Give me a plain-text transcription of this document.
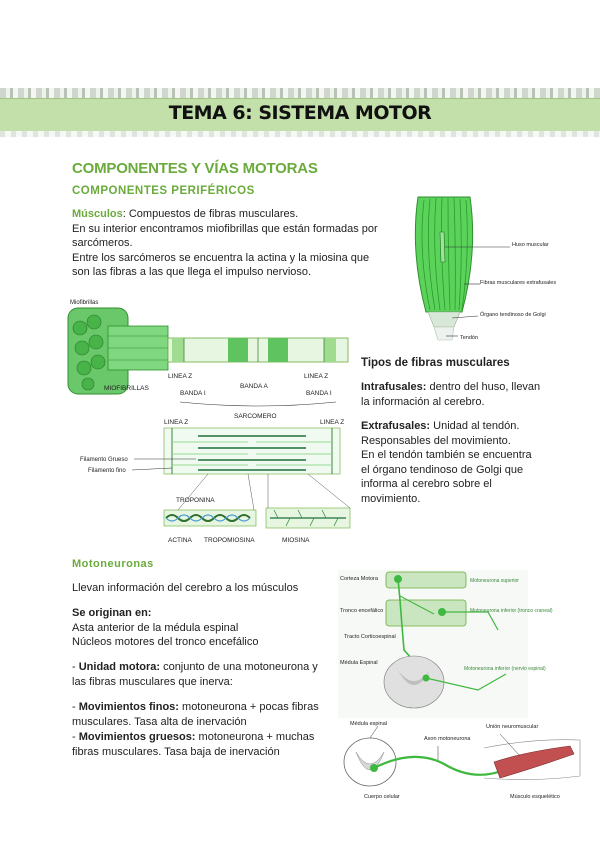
TEMA 6: SISTEMA MOTOR
COMPONENTES Y VÍAS MOTORAS
COMPONENTES PERIFÉRICOS
Músculos: Compuestos de fibras musculares.
En su interior encontramos miofibrillas que están formadas por sarcómeros.
Entre los sarcómeros se encuentra la actina y la miosina que son las fibras a las que llega el impulso nervioso.
Huso muscular
Fibras musculares extrafusales
Órgano tendinoso de Golgi
Tendón
Miofibrillas
MIOFIBRILLAS
LINEA Z
BANDA A
LINEA Z
BANDA I	BANDA I
SARCOMERO
LINEA Z	LINEA Z
Filamento Grueso
Filamento fino
TROPONINA
ACTINA TROPOMIOSINA	MIOSINA
Tipos de fibras musculares
Intrafusales: dentro del huso, llevan la información al cerebro.
Extrafusales: Unidad al tendón. Responsables del movimiento.
En el tendón también se encuentra el órgano tendinoso de Golgi que informa al cerebro sobre el movimiento.
Motoneuronas
Llevan información del cerebro a los músculos
Se originan en:
Asta anterior de la médula espinal
Núcleos motores del tronco encefálico
- Unidad motora: conjunto de una motoneurona y las fibras musculares que inerva:
- Movimientos finos: motoneurona + pocas fibras musculares. Tasa alta de inervación
- Movimientos gruesos: motoneurona + muchas fibras musculares. Tasa baja de inervación
Corteza Motora
Tronco encefálico
Tracto Corticoespinal
Médula Espinal
Motoneurona superior
Motoneurona inferior (tronco craneal)
Motoneurona inferior (nervio espinal)
Médula espinal
Axon motoneurona
Unión neuromuscular
Cuerpo celular	Músculo esquelético
